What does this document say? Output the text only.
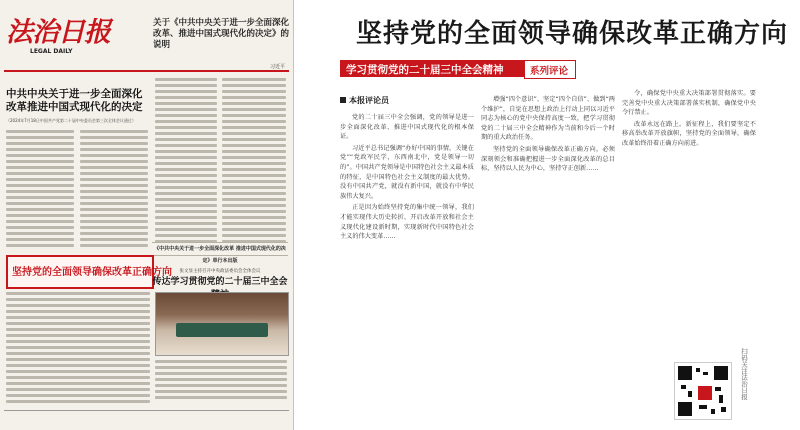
法治日报
LEGAL DAILY
关于《中共中央关于进一步全面深化改革、推进中国式现代化的决定》的说明
习近平
中共中央关于进一步全面深化改革推进中国式现代化的决定
（2024年7月18日中国共产党第二十届中央委员会第三次全体会议通过）
《中共中央关于进一步全面深化改革 推进中国式现代化的决定》单行本出版
坚持党的全面领导确保改革正确方向	张文显主持召开中央政法委员会全体会议
传达学习贯彻党的二十届三中全会
坚持党的全面领导确保改革正确方向
学习贯彻党的二十届三中全会精神	系列评论
本报评论员

党的二十届三中全会强调，党的领导是进一步全面深化改革、推进中国式现代化的根本保证。

习近平总书记强调“办好中国的事情，关键在党”“党政军民学，东西南北中，党是领导一切的”。中国共产党领导是中国特色社会主义最本质的特征，是中国特色社会主义制度的最大优势。没有中国共产党，就没有新中国，就没有中华民族伟大复兴。

正是因为始终坚持党的集中统一领导，我们才能实现伟大历史转折、开启改革开放和社会主义现代化建设新时期，实现新时代中国特色社会主义的伟大变革……

增强“四个意识”、坚定“四个自信”、做到“两个维护”，自觉在思想上政治上行动上同以习近平同志为核心的党中央保持高度一致，把学习贯彻党的二十届三中全会精神作为当前和今后一个时期的重大政治任务。

坚持党的全面领导确保改革正确方向，必须深刻领会和准确把握进一步全面深化改革的总目标，坚持以人民为中心，坚持守正创新……

令，确保党中央重大决策部署贯彻落实。要完善党中央重大决策部署落实机制，确保党中央令行禁止。

改革永远在路上。新征程上，我们要坚定不移高举改革开放旗帜，坚持党的全面领导，确保改革始终沿着正确方向前进。

扫码关注法治日报
